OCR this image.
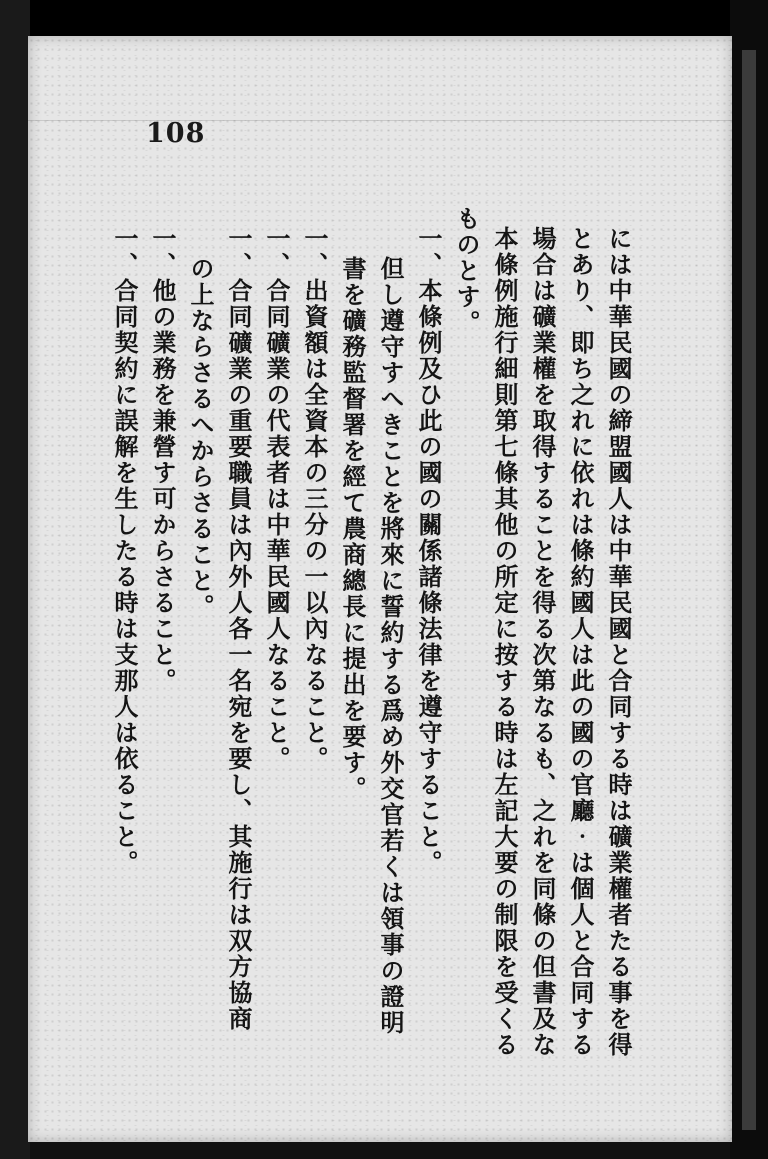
108
には中華民國の締盟國人は中華民國と合同する時は礦業權者たる事を得
とあり、即ち之れに依れは條約國人は此の國の官廳‧は個人と合同する
場合は礦業權を取得することを得る次第なるも、之れを同條の但書及な
本條例施行細則第七條其他の所定に按する時は左記大要の制限を受くる
ものとす。
一、本條例及ひ此の國の關係諸條法律を遵守すること。
但し遵守すへきことを將來に誓約する爲め外交官若くは領事の證明
書を礦務監督署を經て農商總長に提出を要す。
一、出資額は全資本の三分の一以內なること。
一、合同礦業の代表者は中華民國人なること。
一、合同礦業の重要職員は內外人各一名宛を要し、其施行は双方協商
の上ならさるへからさること。
一、他の業務を兼營す可からさること。
一、合同契約に誤解を生したる時は支那人は依ること。
